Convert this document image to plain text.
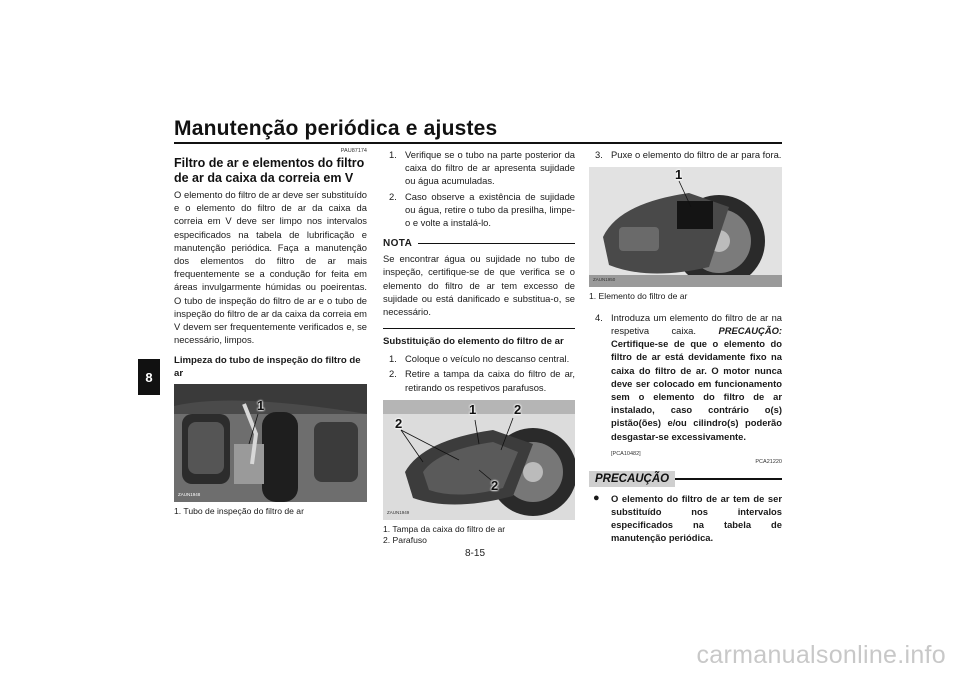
Manutenção periódica e ajustes
8
PAU87174
Filtro de ar e elementos do filtro de ar da caixa da correia em V

O elemento do filtro de ar deve ser substituído e o elemento do filtro de ar da caixa da correia em V deve ser limpo nos intervalos especificados na tabela de lubrificação e manutenção periódica. Faça a manutenção dos elementos do filtro de ar mais frequentemente se a condução for feita em áreas invulgarmente húmidas ou poeirentas. O tubo de inspeção do filtro de ar e o tubo de inspeção do filtro de ar da caixa da correia em V devem ser frequentemente verificados e, se necessário, limpos.

Limpeza do tubo de inspeção do filtro de ar
1
ZAUN1948
1. Tubo de inspeção do filtro de ar
1. Verifique se o tubo na parte posterior da caixa do filtro de ar apresenta sujidade ou água acumuladas.
2. Caso observe a existência de sujidade ou água, retire o tubo da presilha, limpe-o e volte a instalá-lo.
NOTA

Se encontrar água ou sujidade no tubo de inspeção, certifique-se de que verifica se o elemento do filtro de ar tem excesso de sujidade ou está danificado e substitua-o, se necessário.

Substituição do elemento do filtro de ar
1. Coloque o veículo no descanso central.
2. Retire a tampa da caixa do filtro de ar, retirando os respetivos parafusos.
2
1	2
2
ZAUN1949
1. Tampa da caixa do filtro de ar
2. Parafuso
3. Puxe o elemento do filtro de ar para fora.
1
ZAUN1950
1. Elemento do filtro de ar
4. Introduza um elemento do filtro de ar na respetiva caixa. PRECAUÇÃO: Certifique-se de que o elemento do filtro de ar está devidamente fixo na caixa do filtro de ar. O motor nunca deve ser colocado em funcionamento sem o elemento do filtro de ar instalado, caso contrário o(s) pistão(ões) e/ou cilindro(s) poderão desgastar-se excessivamente.
[PCA10482]
PCA21220
PRECAUÇÃO
●	O elemento do filtro de ar tem de ser substituído nos intervalos especificados na tabela de manutenção periódica.
8-15
carmanualsonline.info
